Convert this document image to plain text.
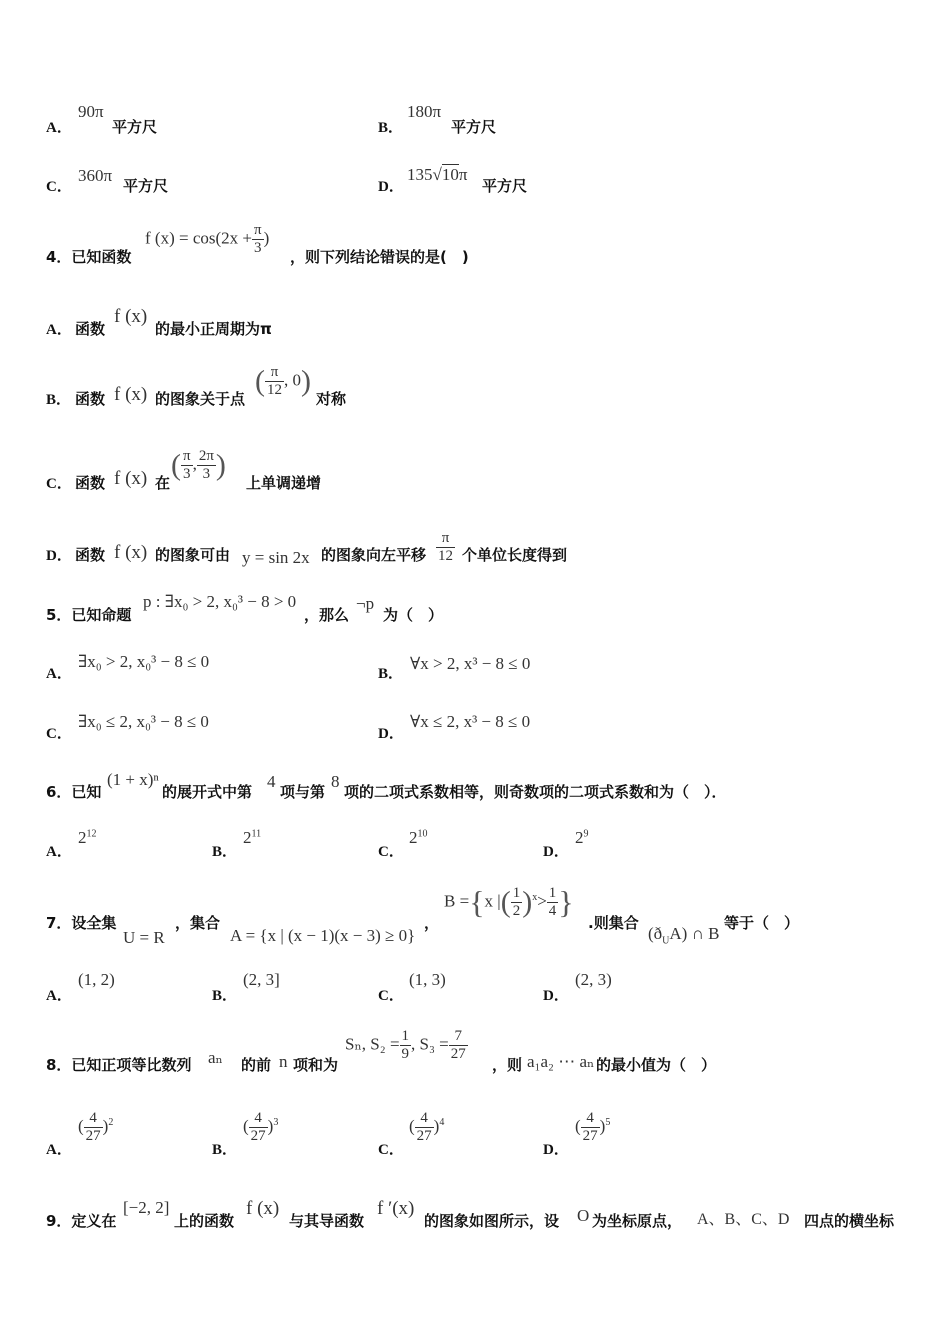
A．
90π
平方尺	B．
180π
平方尺
C．
360π
平方尺	D．
135√10π
平方尺
4．已知函数
f $(x) = \cos(2x + \frac{\pi}{3}$ )
，则下列结论错误的是(　)
A． 函数
f (x)
的最小正周期为π
B． 函数 f (x) 的图象关于点
( $\frac{\pi}{12}$ , 0)
对称
C． 函数 f (x) 在
( $\frac{\pi}{3}$ , $\frac{2\pi}{3}$ )
上单调递增
D． 函数 f (x) 的图象可由 y = sin 2x 的图象向左平移 $\frac{\pi}{12}$ 个单位长度得到
5．已知命题
p : ∃x₀ > 2, x₀³ − 8 > 0
，那么
¬p
为（　）
A．
∃x₀ > 2, x₀³ − 8 ≤ 0
B．
∀x > 2, x³ − 8 ≤ 0
C．
∃x₀ ≤ 2, x₀³ − 8 ≤ 0
D．
∀x ≤ 2, x³ − 8 ≤ 0
6．已知
(1 + x)ⁿ
的展开式中第
4
项与第
8
项的二项式系数相等，则奇数项的二项式系数和为（　）．
A．
$2^{12}$
B．
$2^{11}$
C．
$2^{10}$
D．
$2^9$
7．设全集
U = R
，集合
A = {x | (x − 1)(x − 3) ≥ 0}
，
B ={x |( $\frac{1}{2} )^x> \frac{1}{4}$ }
.则集合
$(ð_UA)$ ∩ B
等于（　）
A．
(1, 2)
B．
(2, 3]
C．
(1, 3)
D．
(2, 3)
8．已知正项等比数列 aₙ 的前 n 项和为
Sₙ, $S_2 = \frac{1}{9}$ , $S_3 = \frac{7}{27}$
，则 a₁a₂ ⋯ aₙ 的最小值为（　）
A．
( $\frac{4}{27} )^2$
B．
( $\frac{4}{27} )^3$
C．
( $\frac{4}{27} )^4$
D．
( $\frac{4}{27} )^5$
9．定义在
[−2, 2]
上的函数
f (x)
与其导函数
f ′(x)
的图象如图所示，设 O 为坐标原点， A、B、C、D 四点的横坐标
